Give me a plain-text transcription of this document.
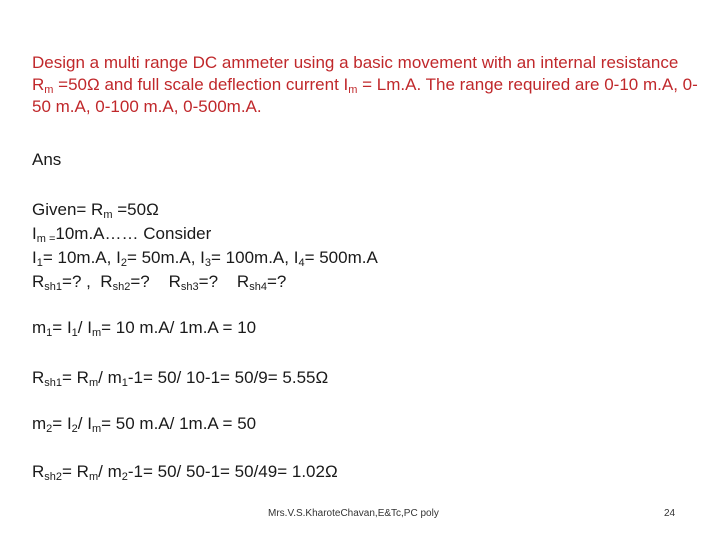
Design a multi range DC ammeter using a basic movement with an internal resistance $R_m =50\Omega$ and full scale deflection current $I_m = Lm.A$. The range required are 0-10 m.A, 0-50 m.A, 0-100 m.A, 0-500m.A.
Ans
Given= $R_m =50\Omega$
$I_{m =}10m.A\dots\dots$ Consider
$I_1= 10m.A$, $I_2= 50m.A$, $I_3= 100m.A$, $I_4= 500m.A$
$R_{sh1}=$? ,  $R_{sh2}=$?    $R_{sh3}=$?    $R_{sh4}=$?
$m_1= I_1/$ $I_m= 10$ m.A/ 1m.A = 10
$R_{sh1}= R_m/$ $m_1-1= 50/$ 10-1= 50/9= 5.55Ω
$m_2= I_2/$ $I_m= 50$ m.A/ 1m.A = 50
$R_{sh2}= R_m/$ $m_2-1= 50/$ 50-1= 50/49= 1.02Ω
Mrs.V.S.KharoteChavan,E&Tc,PC poly	24
